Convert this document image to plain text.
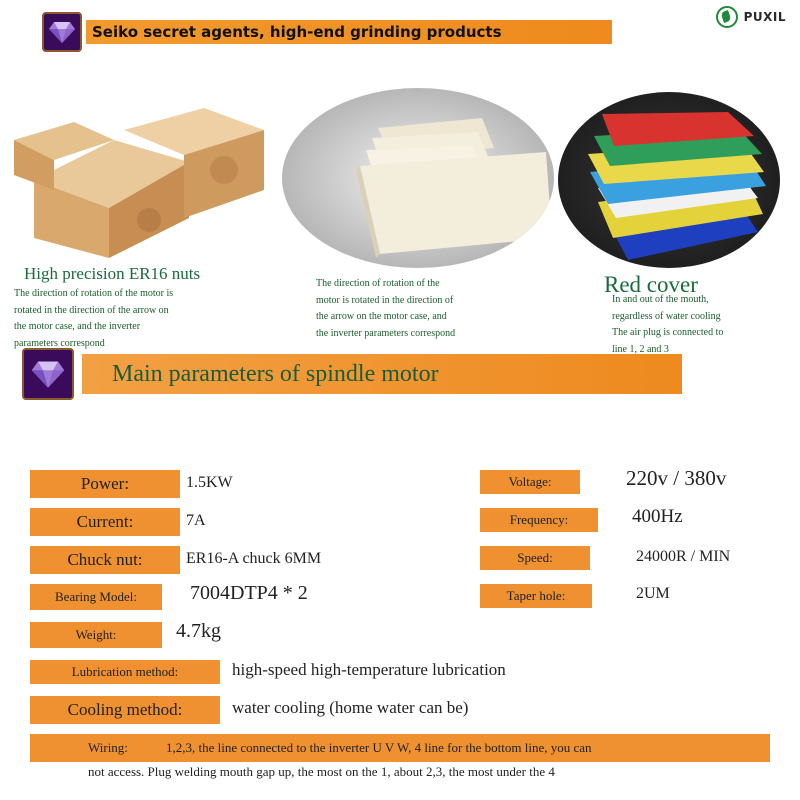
PUXIL
Seiko secret agents, high-end grinding products
High precision ER16 nuts
The direction of rotation of the motor is
rotated in the direction of the arrow on
the motor case, and the inverter
parameters correspond
The direction of rotation of the
motor is rotated in the direction of
the arrow on the motor case, and
the inverter parameters correspond
Red cover
In and out of the mouth,
regardless of water cooling
The air plug is connected to
line 1, 2 and 3
Main parameters of spindle motor
Power:	1.5KW	Voltage:	220v / 380v
Current:	7A	Frequency:	400Hz
Chuck nut:	ER16-A chuck 6MM	Speed:	24000R / MIN
Bearing Model:	7004DTP4 * 2	Taper hole:	2UM
Weight:	4.7kg
Lubrication method:	high-speed high-temperature lubrication
Cooling method:	water cooling (home water can be)
Wiring:	1,2,3, the line connected to the inverter U V W, 4 line for the bottom line, you can
not access. Plug welding mouth gap up, the most on the 1, about 2,3, the most under the 4
